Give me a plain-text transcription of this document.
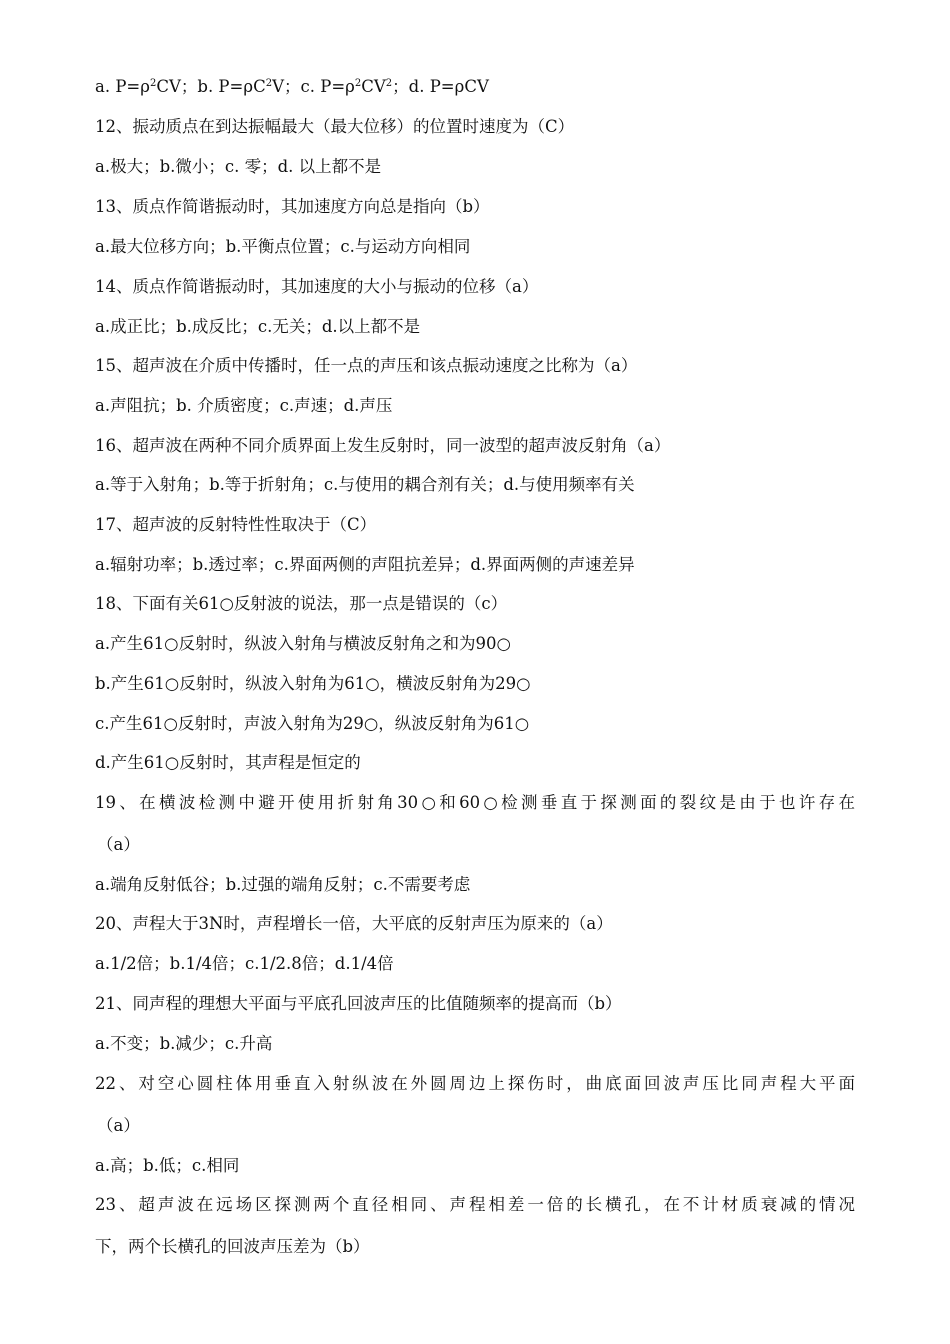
a. $P=\rho^2CV$；b. $P=\rho C^2V$；c. $P=\rho^2CV^2$；d. P=ρCV
12、振动质点在到达振幅最大（最大位移）的位置时速度为（C）
a.极大；b.微小；c. 零；d. 以上都不是
13、质点作简谐振动时，其加速度方向总是指向（b）
a.最大位移方向；b.平衡点位置；c.与运动方向相同
14、质点作简谐振动时，其加速度的大小与振动的位移（a）
a.成正比；b.成反比；c.无关；d.以上都不是
15、超声波在介质中传播时，任一点的声压和该点振动速度之比称为（a）
a.声阻抗；b. 介质密度；c.声速；d.声压
16、超声波在两种不同介质界面上发生反射时，同一波型的超声波反射角（a）
a.等于入射角；b.等于折射角；c.与使用的耦合剂有关；d.与使用频率有关
17、超声波的反射特性性取决于（C）
a.辐射功率；b.透过率；c.界面两侧的声阻抗差异；d.界面两侧的声速差异
18、下面有关61○反射波的说法，那一点是错误的（c）
a.产生61○反射时，纵波入射角与横波反射角之和为90○
b.产生61○反射时，纵波入射角为61○，横波反射角为29○
c.产生61○反射时，声波入射角为29○，纵波反射角为61○
d.产生61○反射时，其声程是恒定的
19、在横波检测中避开使用折射角30○和60○检测垂直于探测面的裂纹是由于也许存在
（a）
a.端角反射低谷；b.过强的端角反射；c.不需要考虑
20、声程大于3N时，声程增长一倍，大平底的反射声压为原来的（a）
a.1/2倍；b.1/4倍；c.1/2.8倍；d.1/4倍
21、同声程的理想大平面与平底孔回波声压的比值随频率的提高而（b）
a.不变；b.减少；c.升高
22、对空心圆柱体用垂直入射纵波在外圆周边上探伤时，曲底面回波声压比同声程大平面
（a）
a.高；b.低；c.相同
23、超声波在远场区探测两个直径相同、声程相差一倍的长横孔，在不计材质衰减的情况
下，两个长横孔的回波声压差为（b）
